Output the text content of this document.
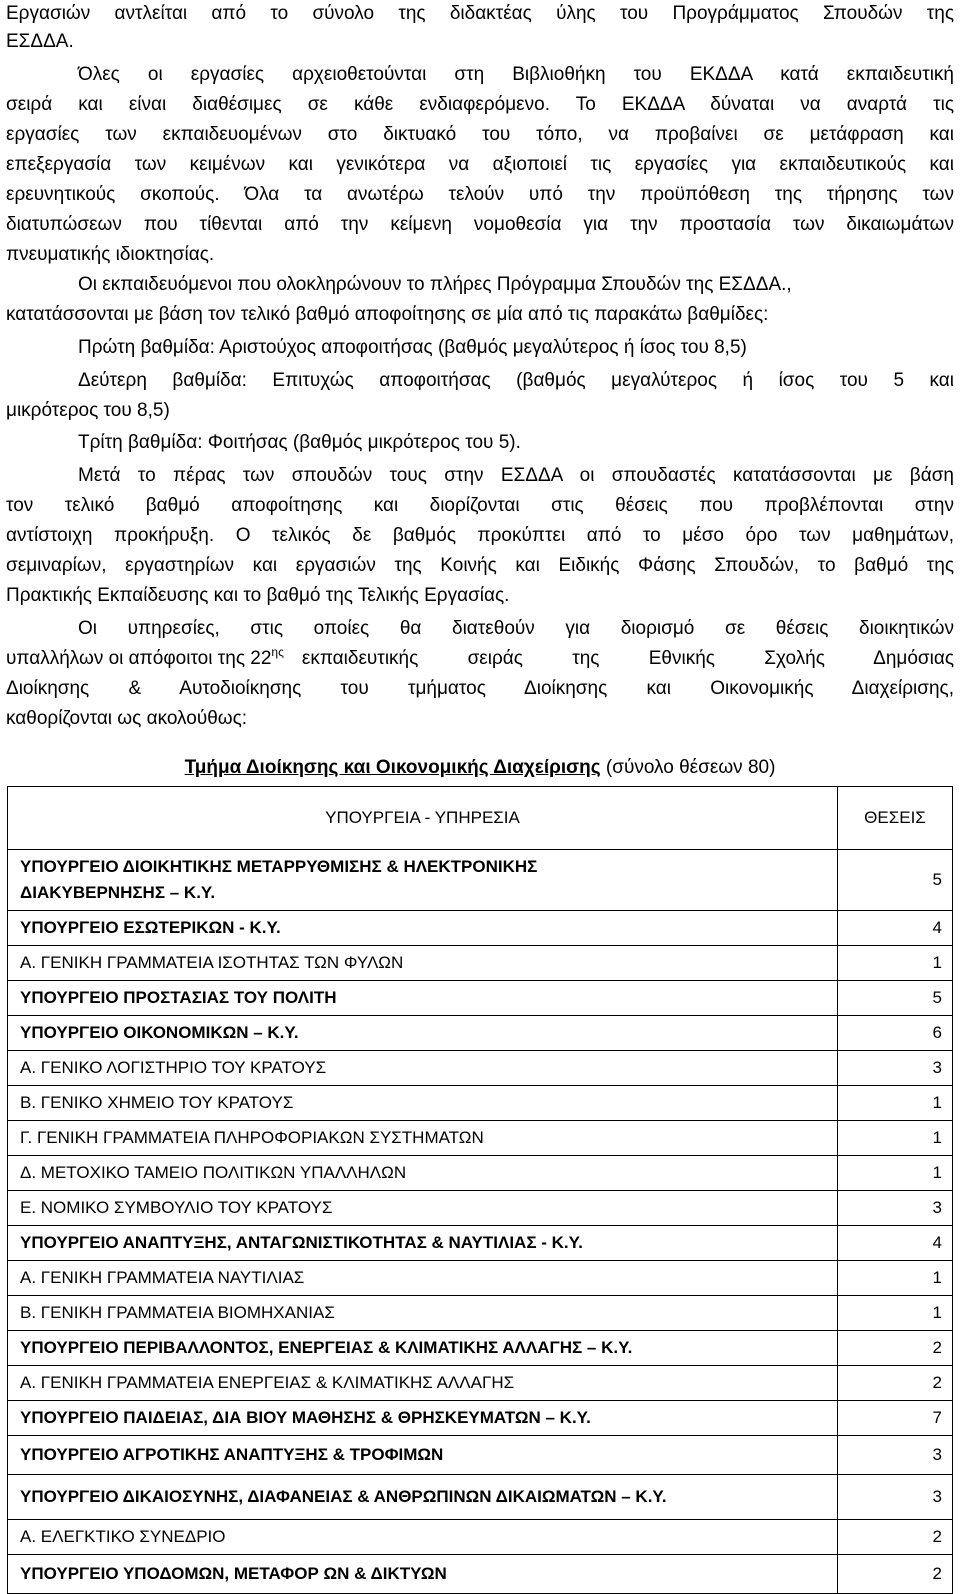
Εργασιών αντλείται από το σύνολο της διδακτέας ύλης του Προγράμματος Σπουδών της
ΕΣΔΔΑ.
Όλες οι εργασίες αρχειοθετούνται στη Βιβλιοθήκη του ΕΚΔΔΑ κατά εκπαιδευτική
σειρά και είναι διαθέσιμες σε κάθε ενδιαφερόμενο. Το ΕΚΔΔΑ δύναται να αναρτά τις
εργασίες των εκπαιδευομένων στο δικτυακό του τόπο, να προβαίνει σε μετάφραση και
επεξεργασία των κειμένων και γενικότερα να αξιοποιεί τις εργασίες για εκπαιδευτικούς και
ερευνητικούς σκοπούς. Όλα τα ανωτέρω τελούν υπό την προϋπόθεση της τήρησης των
διατυπώσεων που τίθενται από την κείμενη νομοθεσία για την προστασία των δικαιωμάτων
πνευματικής ιδιοκτησίας.
Οι εκπαιδευόμενοι που ολοκληρώνουν το πλήρες Πρόγραμμα Σπουδών της ΕΣΔΔΑ.,
κατατάσσονται με βάση τον τελικό βαθμό αποφοίτησης σε μία από τις παρακάτω βαθμίδες:
Πρώτη βαθμίδα: Αριστούχος αποφοιτήσας (βαθμός μεγαλύτερος ή ίσος του 8,5)
Δεύτερη βαθμίδα: Επιτυχώς αποφοιτήσας (βαθμός μεγαλύτερος ή ίσος του 5 και
μικρότερος του 8,5)
Τρίτη βαθμίδα: Φοιτήσας (βαθμός μικρότερος του 5).
Μετά το πέρας των σπουδών τους στην ΕΣΔΔΑ οι σπουδαστές κατατάσσονται με βάση
τον τελικό βαθμό αποφοίτησης και διορίζονται στις θέσεις που προβλέπονται στην
αντίστοιχη προκήρυξη. Ο τελικός δε βαθμός προκύπτει από το μέσο όρο των μαθημάτων,
σεμιναρίων, εργαστηρίων και εργασιών της Κοινής και Ειδικής Φάσης Σπουδών, το βαθμό της
Πρακτικής Εκπαίδευσης και το βαθμό της Τελικής Εργασίας.
Οι υπηρεσίες, στις οποίες θα διατεθούν για διορισμό σε θέσεις διοικητικών
υπαλλήλων οι απόφοιτοι της $22^{\eta\varsigma}$ εκπαιδευτικής σειράς της Εθνικής Σχολής Δημόσιας
Διοίκησης & Αυτοδιοίκησης του τμήματος Διοίκησης και Οικονομικής Διαχείρισης,
καθορίζονται ως ακολούθως:
Τμήμα Διοίκησης και Οικονομικής Διαχείρισης (σύνολο θέσεων 80)
ΥΠΟΥΡΓΕΙΑ - ΥΠΗΡΕΣΙΑ	ΘΕΣΕΙΣ
ΥΠΟΥΡΓΕΙΟ ΔΙΟΙΚΗΤΙΚΗΣ ΜΕΤΑΡΡΥΘΜΙΣΗΣ & ΗΛΕΚΤΡΟΝΙΚΗΣ
ΔΙΑΚΥΒΕΡΝΗΣΗΣ – Κ.Υ.	5
ΥΠΟΥΡΓΕΙΟ ΕΣΩΤΕΡΙΚΩΝ - Κ.Υ.	4
Α. ΓΕΝΙΚΗ ΓΡΑΜΜΑΤΕΙΑ ΙΣΟΤΗΤΑΣ ΤΩΝ ΦΥΛΩΝ	1
ΥΠΟΥΡΓΕΙΟ ΠΡΟΣΤΑΣΙΑΣ ΤΟΥ ΠΟΛΙΤΗ	5
ΥΠΟΥΡΓΕΙΟ ΟΙΚΟΝΟΜΙΚΩΝ – Κ.Υ.	6
Α. ΓΕΝΙΚΟ ΛΟΓΙΣΤΗΡΙΟ ΤΟΥ ΚΡΑΤΟΥΣ	3
Β. ΓΕΝΙΚΟ ΧΗΜΕΙΟ ΤΟΥ ΚΡΑΤΟΥΣ	1
Γ. ΓΕΝΙΚΗ ΓΡΑΜΜΑΤΕΙΑ ΠΛΗΡΟΦΟΡΙΑΚΩΝ ΣΥΣΤΗΜΑΤΩΝ	1
Δ. ΜΕΤΟΧΙΚΟ ΤΑΜΕΙΟ ΠΟΛΙΤΙΚΩΝ ΥΠΑΛΛΗΛΩΝ	1
Ε. ΝΟΜΙΚΟ ΣΥΜΒΟΥΛΙΟ ΤΟΥ ΚΡΑΤΟΥΣ	3
ΥΠΟΥΡΓΕΙΟ ΑΝΑΠΤΥΞΗΣ, ΑΝΤΑΓΩΝΙΣΤΙΚΟΤΗΤΑΣ & ΝΑΥΤΙΛΙΑΣ - Κ.Υ.	4
Α. ΓΕΝΙΚΗ ΓΡΑΜΜΑΤΕΙΑ ΝΑΥΤΙΛΙΑΣ	1
Β. ΓΕΝΙΚΗ ΓΡΑΜΜΑΤΕΙΑ ΒΙΟΜΗΧΑΝΙΑΣ	1
ΥΠΟΥΡΓΕΙΟ ΠΕΡΙΒΑΛΛΟΝΤΟΣ, ΕΝΕΡΓΕΙΑΣ & ΚΛΙΜΑΤΙΚΗΣ ΑΛΛΑΓΗΣ – Κ.Υ.	2
Α. ΓΕΝΙΚΗ ΓΡΑΜΜΑΤΕΙΑ ΕΝΕΡΓΕΙΑΣ & ΚΛΙΜΑΤΙΚΗΣ ΑΛΛΑΓΗΣ	2
ΥΠΟΥΡΓΕΙΟ ΠΑΙΔΕΙΑΣ, ΔΙΑ ΒΙΟΥ ΜΑΘΗΣΗΣ & ΘΡΗΣΚΕΥΜΑΤΩΝ – Κ.Υ.	7
ΥΠΟΥΡΓΕΙΟ ΑΓΡΟΤΙΚΗΣ ΑΝΑΠΤΥΞΗΣ & ΤΡΟΦΙΜΩΝ	3
ΥΠΟΥΡΓΕΙΟ ΔΙΚΑΙΟΣΥΝΗΣ, ΔΙΑΦΑΝΕΙΑΣ & ΑΝΘΡΩΠΙΝΩΝ ΔΙΚΑΙΩΜΑΤΩΝ – Κ.Υ.	3
Α. ΕΛΕΓΚΤΙΚΟ ΣΥΝΕΔΡΙΟ	2
ΥΠΟΥΡΓΕΙΟ ΥΠΟΔΟΜΩΝ, ΜΕΤΑΦΟΡ ΩΝ & ΔΙΚΤΥΩΝ	2
